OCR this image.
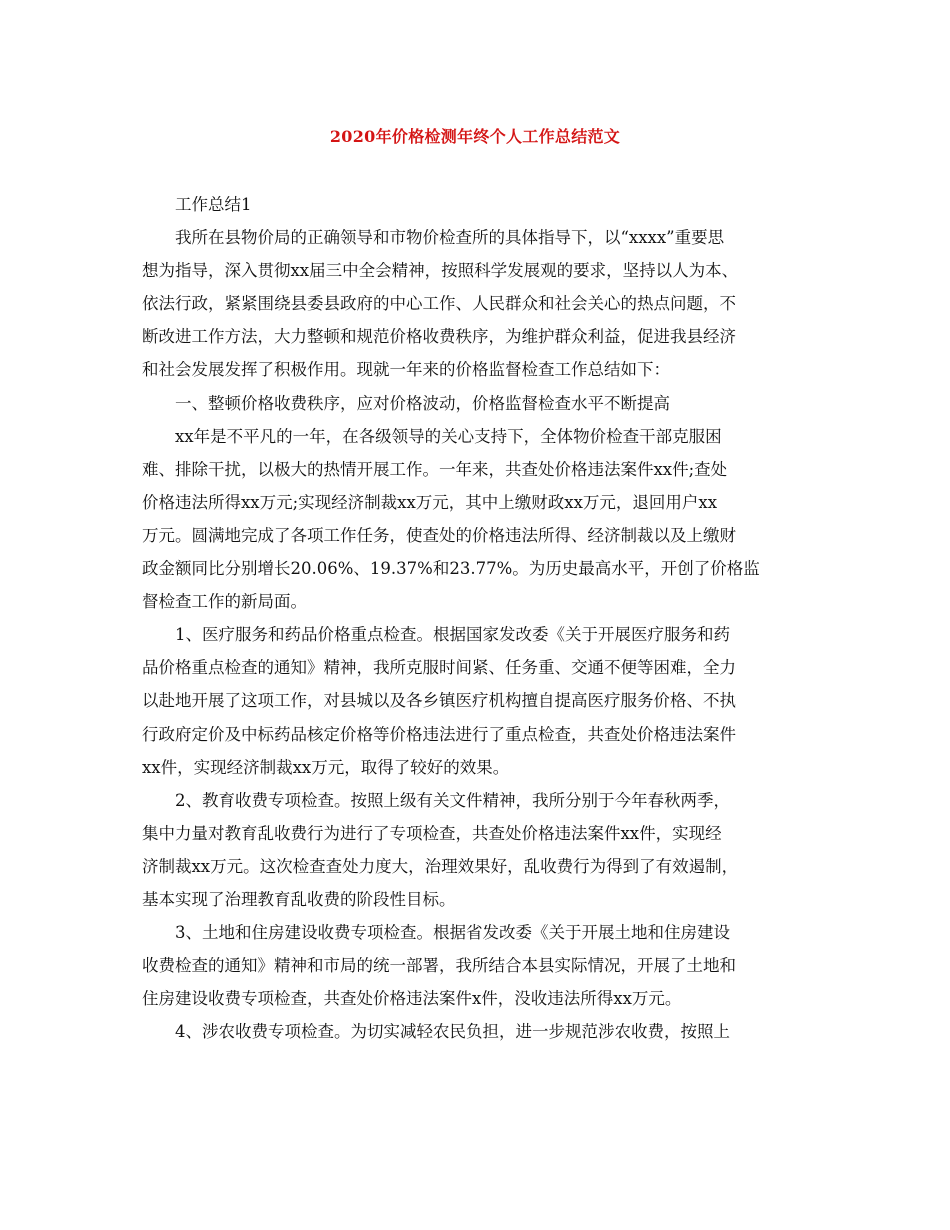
2020年价格检测年终个人工作总结范文

工作总结1

我所在县物价局的正确领导和市物价检查所的具体指导下，以“xxxx”重要思
想为指导，深入贯彻xx届三中全会精神，按照科学发展观的要求，坚持以人为本、
依法行政，紧紧围绕县委县政府的中心工作、人民群众和社会关心的热点问题，不
断改进工作方法，大力整顿和规范价格收费秩序，为维护群众利益，促进我县经济
和社会发展发挥了积极作用。现就一年来的价格监督检查工作总结如下：

一、整顿价格收费秩序，应对价格波动，价格监督检查水平不断提高

xx年是不平凡的一年，在各级领导的关心支持下，全体物价检查干部克服困
难、排除干扰，以极大的热情开展工作。一年来，共查处价格违法案件xx件;查处
价格违法所得xx万元;实现经济制裁xx万元，其中上缴财政xx万元，退回用户xx
万元。圆满地完成了各项工作任务，使查处的价格违法所得、经济制裁以及上缴财
政金额同比分别增长20.06%、19.37%和23.77%。为历史最高水平，开创了价格监
督检查工作的新局面。

1、医疗服务和药品价格重点检查。根据国家发改委《关于开展医疗服务和药
品价格重点检查的通知》精神，我所克服时间紧、任务重、交通不便等困难，全力
以赴地开展了这项工作，对县城以及各乡镇医疗机构擅自提高医疗服务价格、不执
行政府定价及中标药品核定价格等价格违法进行了重点检查，共查处价格违法案件
xx件，实现经济制裁xx万元，取得了较好的效果。

2、教育收费专项检查。按照上级有关文件精神，我所分别于今年春秋两季，
集中力量对教育乱收费行为进行了专项检查，共查处价格违法案件xx件，实现经
济制裁xx万元。这次检查查处力度大，治理效果好，乱收费行为得到了有效遏制，
基本实现了治理教育乱收费的阶段性目标。

3、土地和住房建设收费专项检查。根据省发改委《关于开展土地和住房建设
收费检查的通知》精神和市局的统一部署，我所结合本县实际情况，开展了土地和
住房建设收费专项检查，共查处价格违法案件x件，没收违法所得xx万元。

4、涉农收费专项检查。为切实减轻农民负担，进一步规范涉农收费，按照上
